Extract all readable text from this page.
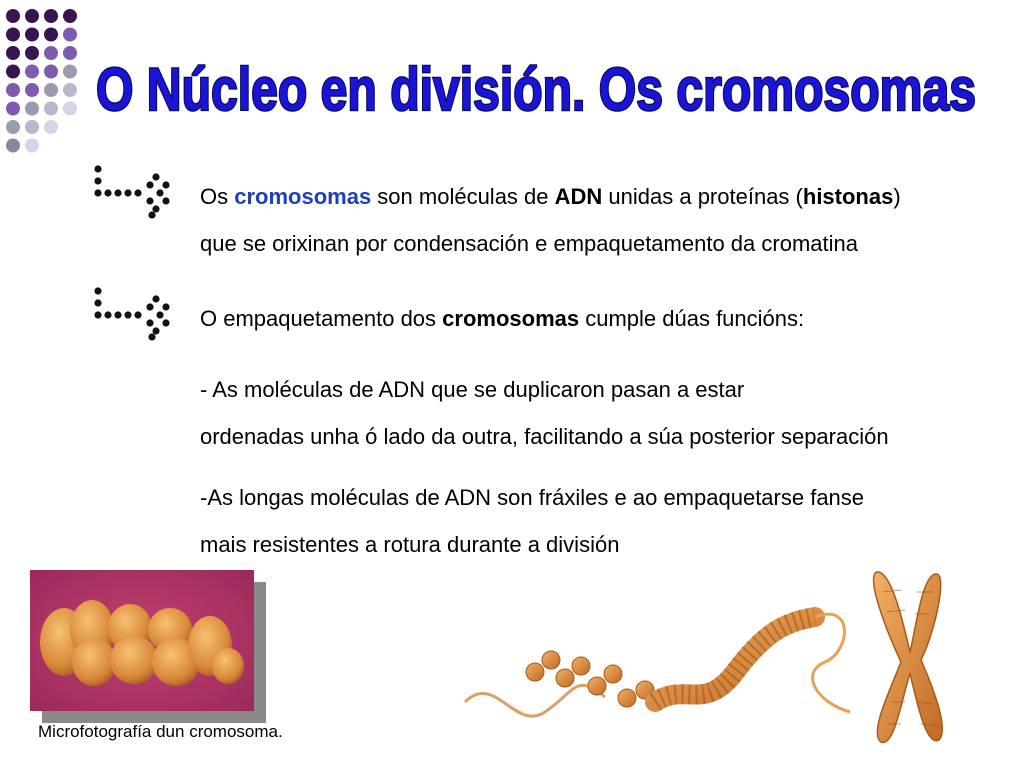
O Núcleo en división. Os cromosomas
Os cromosomas son moléculas de ADN unidas a proteínas (histonas)
que se orixinan por condensación e empaquetamento da cromatina
O empaquetamento dos cromosomas cumple dúas funcións:
- As moléculas de ADN que se duplicaron pasan a estar
ordenadas unha ó lado da outra, facilitando a súa posterior separación
-As longas moléculas de ADN son fráxiles e ao empaquetarse fanse
mais resistentes a rotura durante a división
Microfotografía dun cromosoma.
